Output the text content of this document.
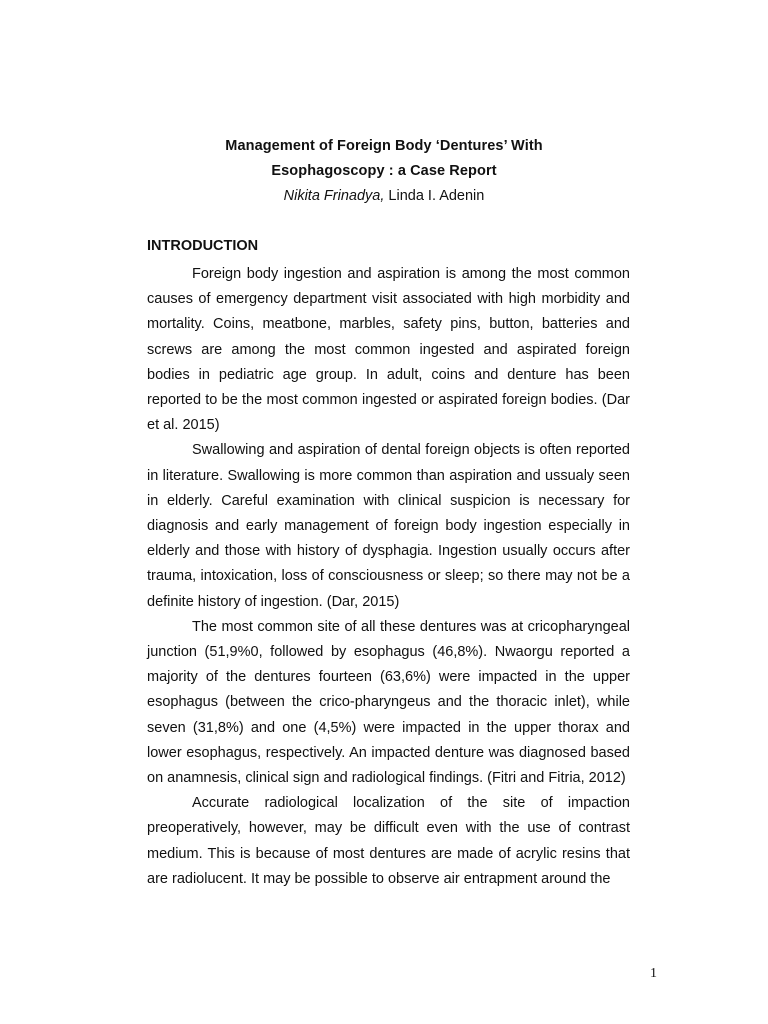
Management of Foreign Body ‘Dentures’ With
Esophagoscopy : a Case Report
Nikita Frinadya, Linda I. Adenin
INTRODUCTION

Foreign body ingestion and aspiration is among the most common causes of emergency department visit associated with high morbidity and mortality. Coins, meatbone, marbles, safety pins, button, batteries and screws are among the most common ingested and aspirated foreign bodies in pediatric age group. In adult, coins and denture has been reported to be the most common ingested or aspirated foreign bodies. (Dar et al. 2015)

Swallowing and aspiration of dental foreign objects is often reported in literature. Swallowing is more common than aspiration and ussualy seen in elderly. Careful examination with clinical suspicion is necessary for diagnosis and early management of foreign body ingestion especially in elderly and those with history of dysphagia. Ingestion usually occurs after trauma, intoxication, loss of consciousness or sleep; so there may not be a definite history of ingestion. (Dar, 2015)

The most common site of all these dentures was at cricopharyngeal junction (51,9%0, followed by esophagus (46,8%). Nwaorgu reported a majority of the dentures fourteen (63,6%) were impacted in the upper esophagus (between the crico-pharyngeus and the thoracic inlet), while seven (31,8%) and one (4,5%) were impacted in the upper thorax and lower esophagus, respectively. An impacted denture was diagnosed based on anamnesis, clinical sign and radiological findings. (Fitri and Fitria, 2012)

Accurate radiological localization of the site of impaction preoperatively, however, may be difficult even with the use of contrast medium. This is because of most dentures are made of acrylic resins that are radiolucent. It may be possible to observe air entrapment around the

1
